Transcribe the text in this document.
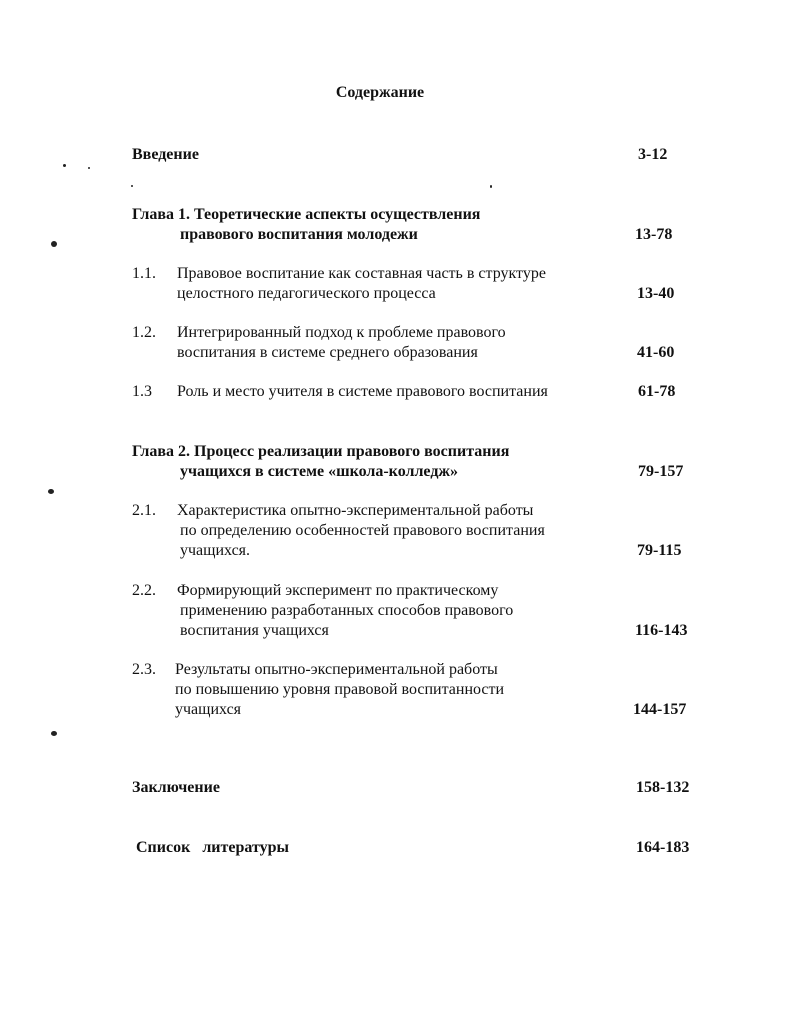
Содержание
Введение	3-12
Глава 1. Теоретические аспекты осуществления
правового воспитания молодежи	13-78
1.1. Правовое воспитание как составная часть в структуре
целостного педагогического процесса	13-40
1.2. Интегрированный подход к проблеме правового
воспитания в системе среднего образования	41-60
1.3 Роль и место учителя в системе правового воспитания	61-78
Глава 2. Процесс реализации правового воспитания
учащихся в системе «школа-колледж»	79-157
2.1. Характеристика опытно-экспериментальной работы
по определению особенностей правового воспитания
учащихся.	79-115
2.2. Формирующий эксперимент по практическому
применению разработанных способов правового
воспитания учащихся	116-143
2.3. Результаты опытно-экспериментальной работы
по повышению уровня правовой воспитанности
учащихся	144-157
Заключение	158-132
Список   литературы	164-183
